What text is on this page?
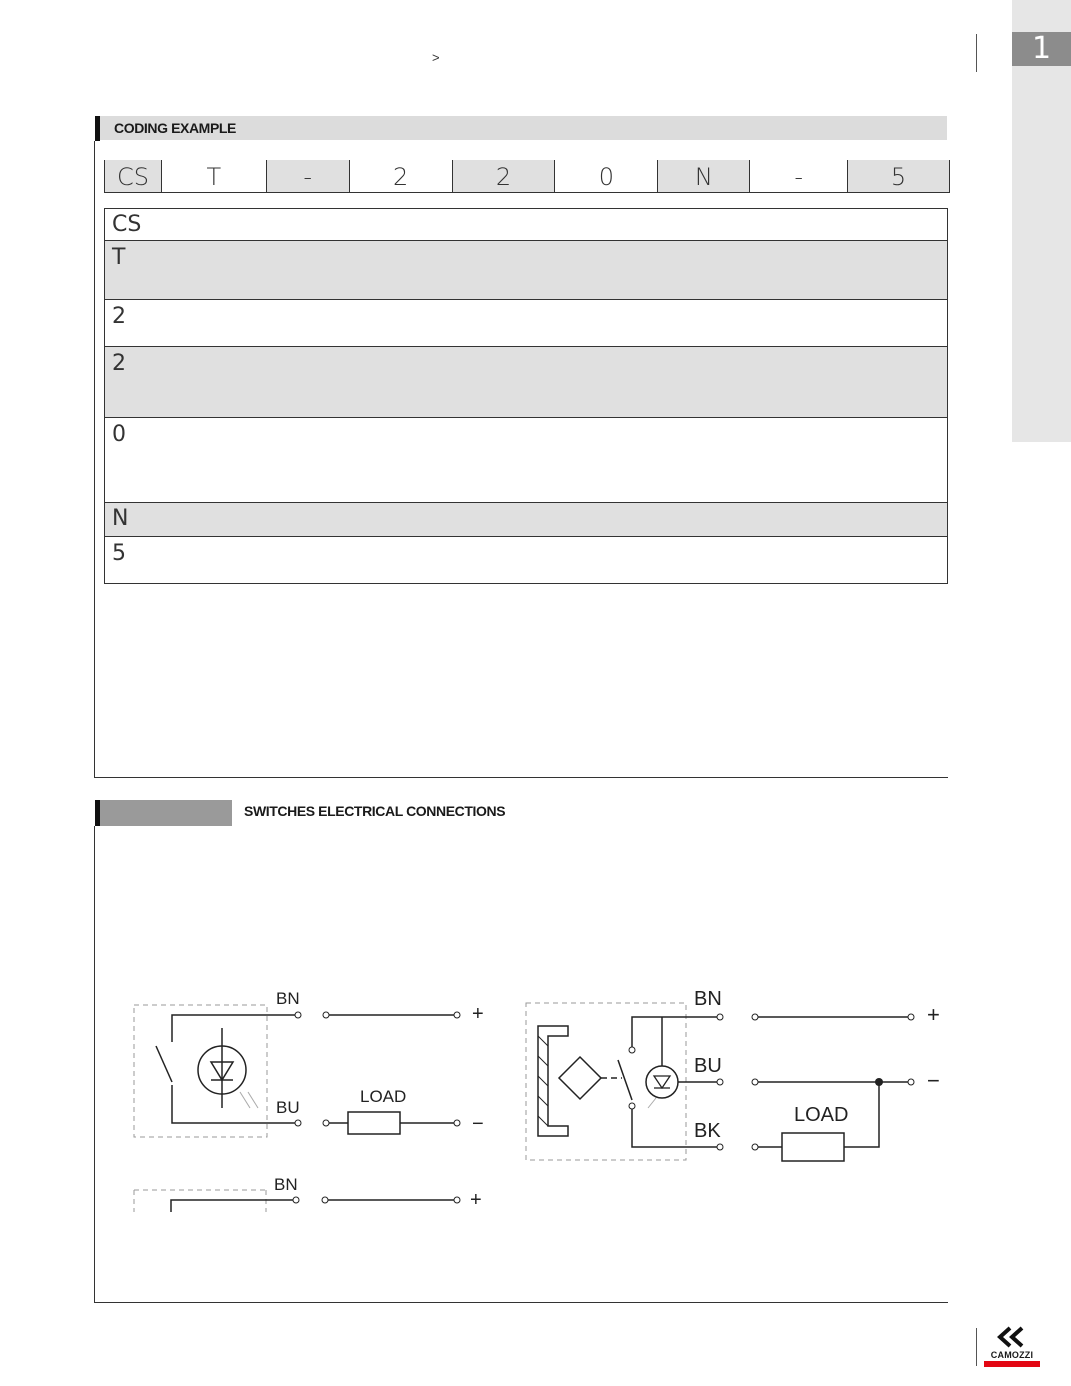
1
>
CODING EXAMPLE
CS	T	-	2	2	0	N	-	5
CS
T
2
2
0
N
5
SWITCHES ELECTRICAL CONNECTIONS
BN
BU
LOAD
+
−
BN
BU
BK
LOAD
+
−
BN
+
CAMOZZI
